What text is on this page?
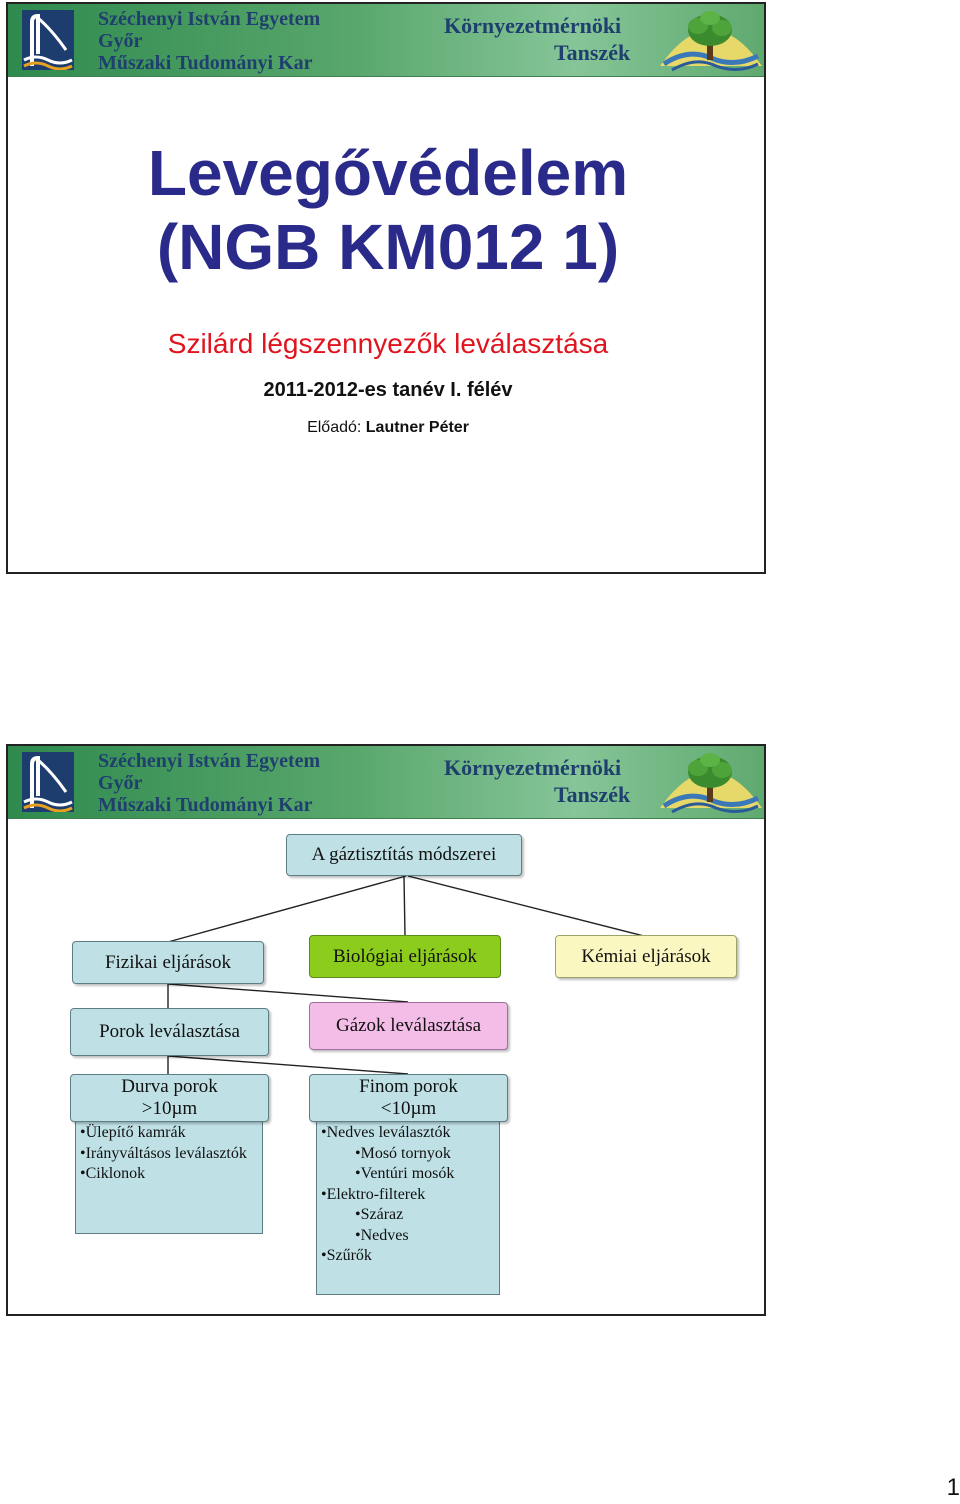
Széchenyi István Egyetem

Győr

Műszaki Tudományi Kar

Környezetmérnöki

Tanszék

Levegővédelem

(NGB KM012 1)

Szilárd légszennyezők leválasztása

2011-2012-es tanév I. félév

Előadó: Lautner Péter

Széchenyi István Egyetem

Győr

Műszaki Tudományi Kar

Környezetmérnöki

Tanszék

A gáztisztítás módszerei
Fizikai eljárások	Biológiai eljárások	Kémiai eljárások
Porok leválasztása	Gázok leválasztása
•Ülepítő kamrák
•Irányváltásos leválasztók
•Ciklonok
Durva porok
>10µm
•Nedves leválasztók
•Mosó tornyok
•Ventúri mosók
•Elektro-filterek
•Száraz
•Nedves
•Szűrők
Finom porok
<10µm
1
